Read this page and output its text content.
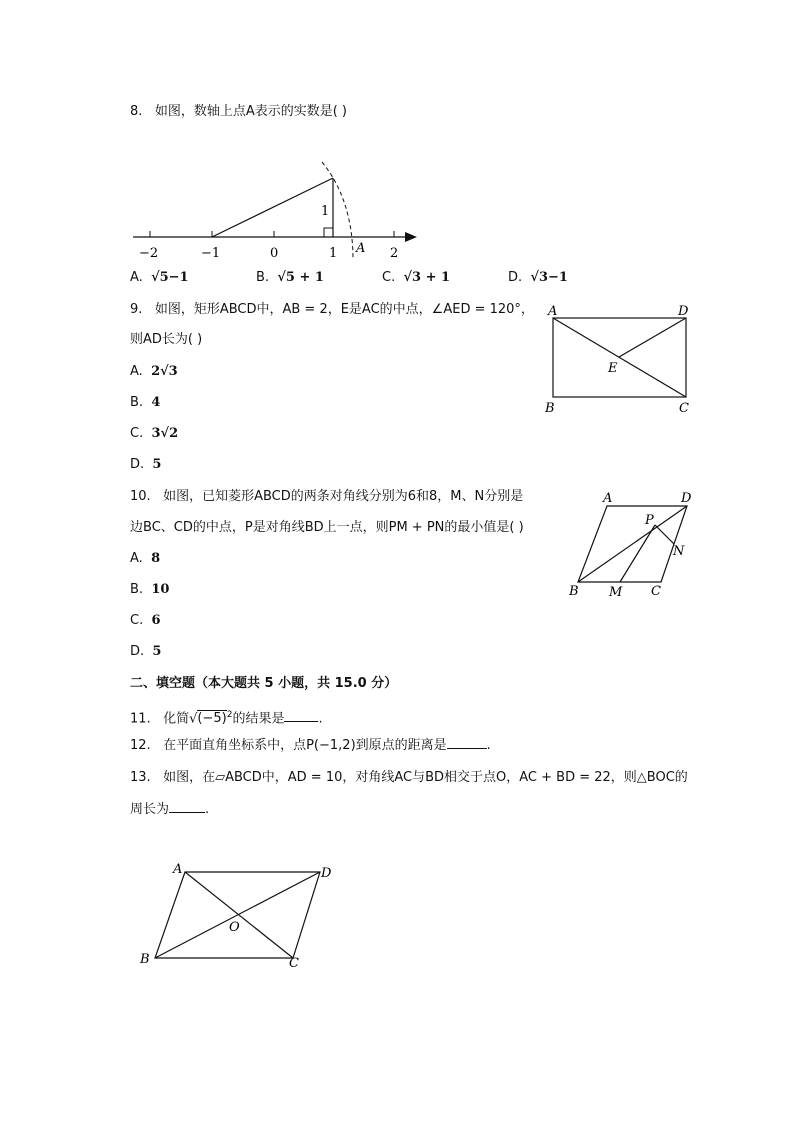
8. 如图，数轴上点A表示的实数是( )
−2	−1	0	1	2
1
A
A. √5−1	B. √5 + 1	C. √3 + 1	D. √3−1
9. 如图，矩形ABCD中，AB = 2，E是AC的中点，∠AED = 120°，
则AD长为( )
A	D
B	C
E
A. 2√3
B. 4
C. 3√2
D. 5
10. 如图，已知菱形ABCD的两条对角线分别为6和8，M、N分别是
边BC、CD的中点，P是对角线BD上一点，则PM + PN的最小值是( )
A	D
B	C
M
N
P
A. 8
B. 10
C. 6
D. 5
二、填空题（本大题共 5 小题，共 15.0 分）
11. 化简$√(-5)^2$的结果是	.
12. 在平面直角坐标系中，点P(−1,2)到原点的距离是	.
13. 如图，在▱ABCD中，AD = 10，对角线AC与BD相交于点O，AC + BD = 22，则△BOC的
周长为	.
A	D
B	C
O
